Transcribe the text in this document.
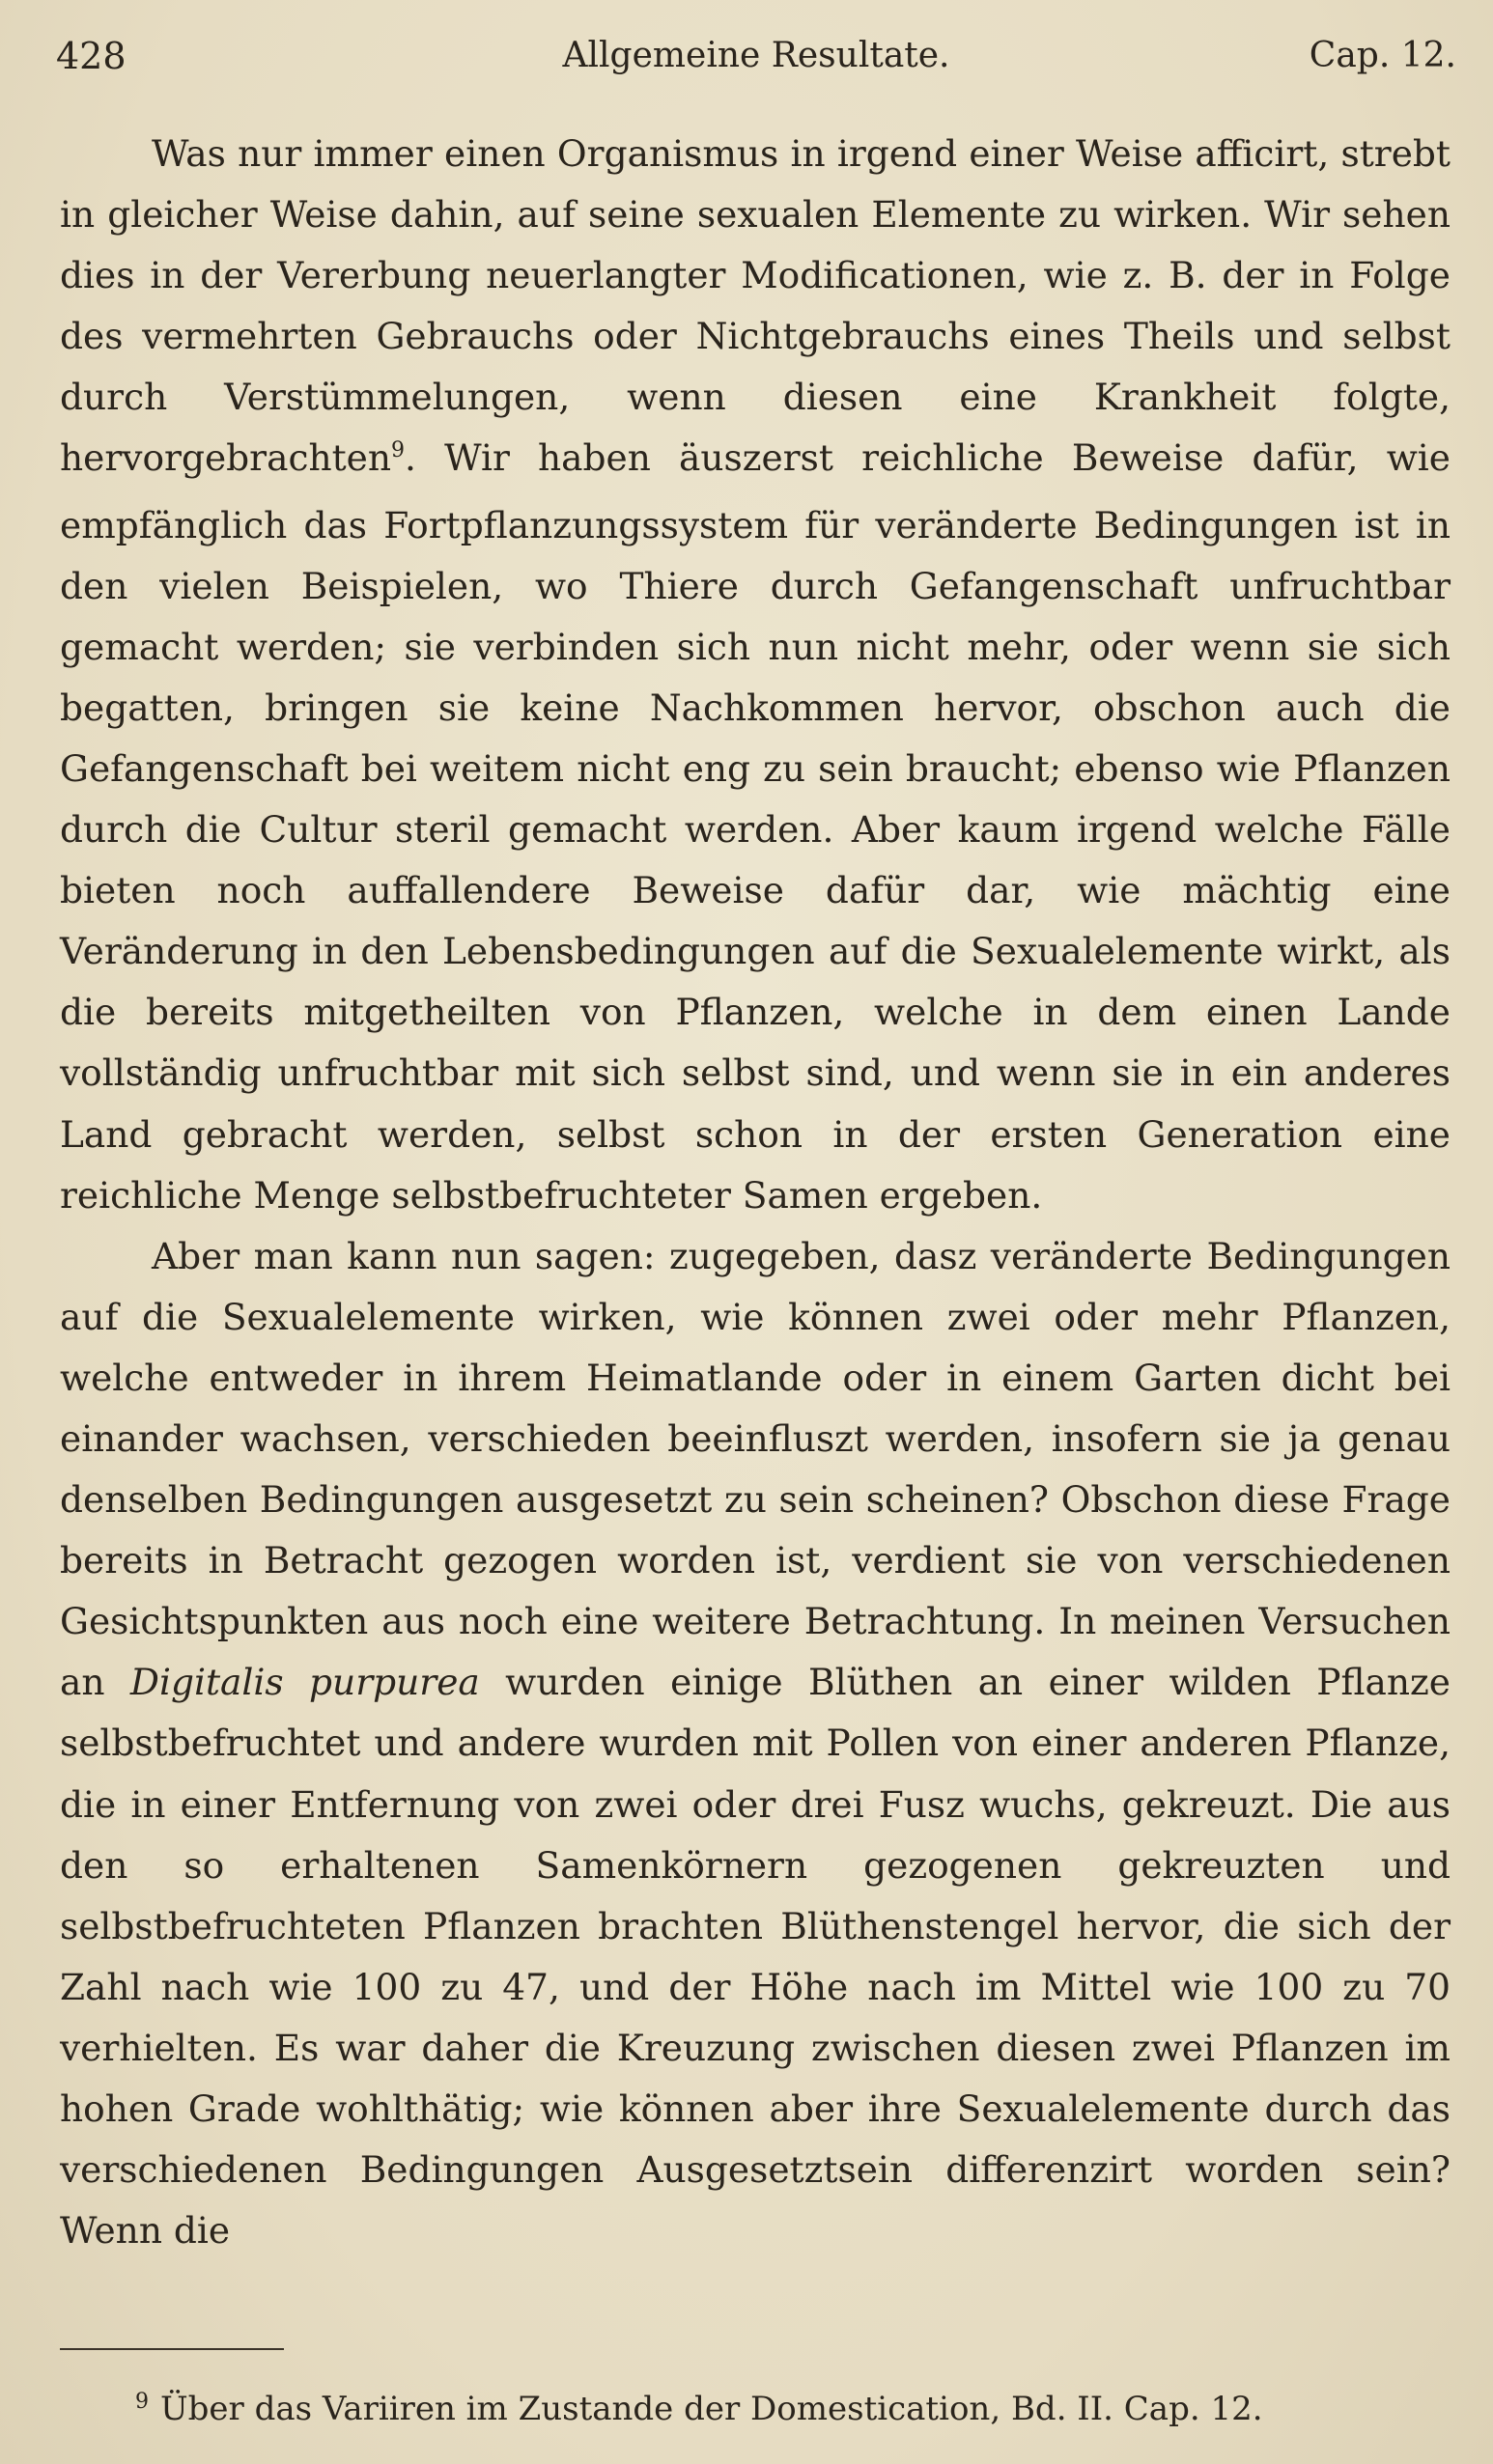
428	Allgemeine Resultate.	Cap. 12.

Was nur immer einen Organismus in irgend einer Weise afficirt, strebt in gleicher Weise dahin, auf seine sexualen Elemente zu wirken. Wir sehen dies in der Vererbung neuerlangter Modificationen, wie z. B. der in Folge des vermehrten Gebrauchs oder Nichtgebrauchs eines Theils und selbst durch Verstümmelungen, wenn diesen eine Krankheit folgte, hervorgebrachten$^9$. Wir haben äuszerst reichliche Beweise dafür, wie empfänglich das Fortpflanzungssystem für veränderte Bedingungen ist in den vielen Beispielen, wo Thiere durch Gefangenschaft unfruchtbar gemacht werden; sie verbinden sich nun nicht mehr, oder wenn sie sich begatten, bringen sie keine Nachkommen hervor, obschon auch die Gefangenschaft bei weitem nicht eng zu sein braucht; ebenso wie Pflanzen durch die Cultur steril gemacht werden. Aber kaum irgend welche Fälle bieten noch auffallendere Beweise dafür dar, wie mächtig eine Veränderung in den Lebensbedingungen auf die Sexualelemente wirkt, als die bereits mitgetheilten von Pflanzen, welche in dem einen Lande vollständig unfruchtbar mit sich selbst sind, und wenn sie in ein anderes Land gebracht werden, selbst schon in der ersten Generation eine reichliche Menge selbstbefruchteter Samen ergeben.

Aber man kann nun sagen: zugegeben, dasz veränderte Bedingungen auf die Sexualelemente wirken, wie können zwei oder mehr Pflanzen, welche entweder in ihrem Heimatlande oder in einem Garten dicht bei einander wachsen, verschieden beeinfluszt werden, insofern sie ja genau denselben Bedingungen ausgesetzt zu sein scheinen? Obschon diese Frage bereits in Betracht gezogen worden ist, verdient sie von verschiedenen Gesichtspunkten aus noch eine weitere Betrachtung. In meinen Versuchen an Digitalis purpurea wurden einige Blüthen an einer wilden Pflanze selbstbefruchtet und andere wurden mit Pollen von einer anderen Pflanze, die in einer Entfernung von zwei oder drei Fusz wuchs, gekreuzt. Die aus den so erhaltenen Samenkörnern gezogenen gekreuzten und selbstbefruchteten Pflanzen brachten Blüthenstengel hervor, die sich der Zahl nach wie 100 zu 47, und der Höhe nach im Mittel wie 100 zu 70 verhielten. Es war daher die Kreuzung zwischen diesen zwei Pflanzen im hohen Grade wohlthätig; wie können aber ihre Sexualelemente durch das verschiedenen Bedingungen Ausgesetztsein differenzirt worden sein? Wenn die

$^9$ Über das Variiren im Zustande der Domestication, Bd. II. Cap. 12.
